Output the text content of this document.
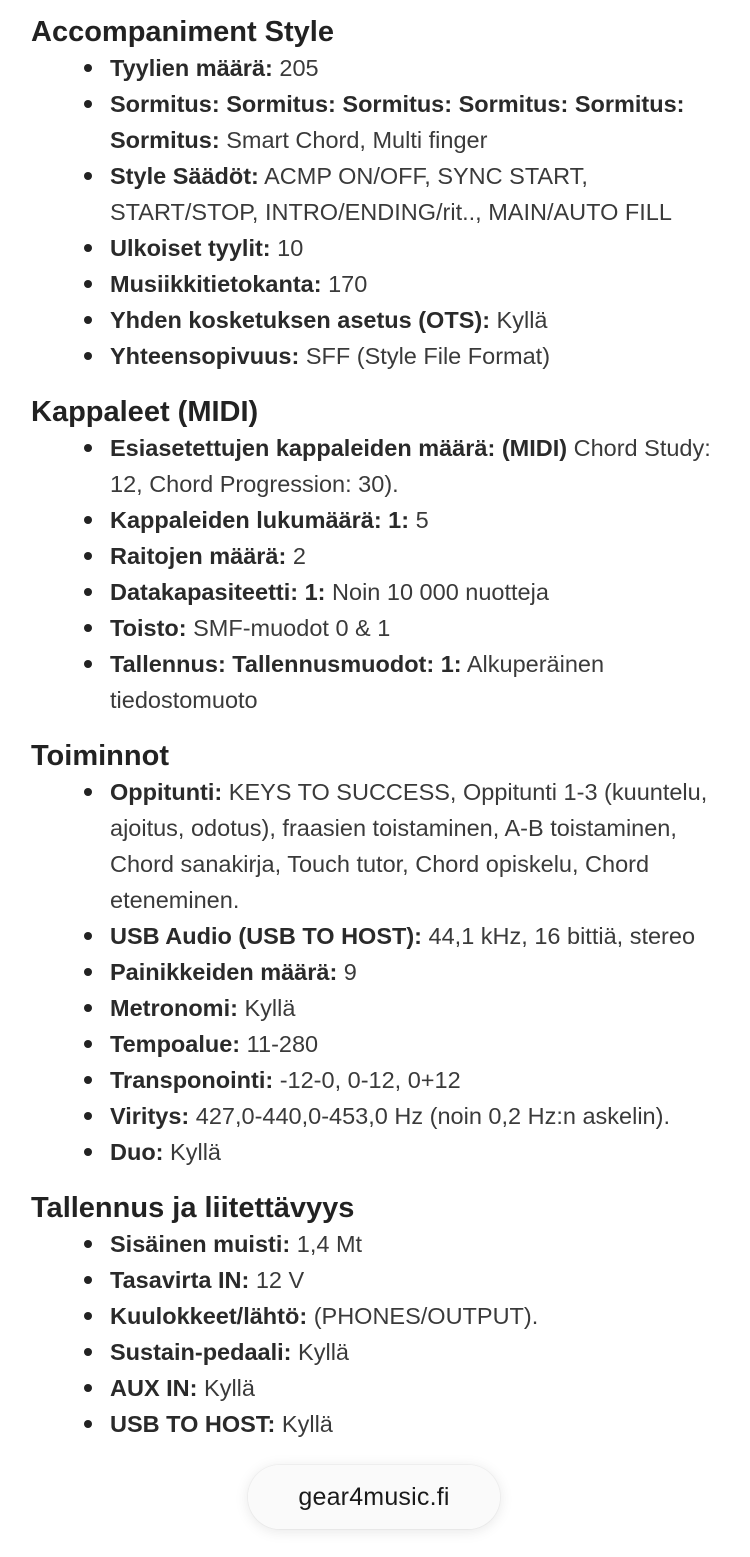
Accompaniment Style
Tyylien määrä: 205
Sormitus: Sormitus: Sormitus: Sormitus: Sormitus: Sormitus: Smart Chord, Multi finger
Style Säädöt: ACMP ON/OFF, SYNC START, START/STOP, INTRO/ENDING/rit.., MAIN/AUTO FILL
Ulkoiset tyylit: 10
Musiikkitietokanta: 170
Yhden kosketuksen asetus (OTS): Kyllä
Yhteensopivuus: SFF (Style File Format)
Kappaleet (MIDI)
Esiasetettujen kappaleiden määrä: (MIDI) Chord Study: 12, Chord Progression: 30).
Kappaleiden lukumäärä: 1: 5
Raitojen määrä: 2
Datakapasiteetti: 1: Noin 10 000 nuotteja
Toisto: SMF-muodot 0 & 1
Tallennus: Tallennusmuodot: 1: Alkuperäinen tiedostomuoto
Toiminnot
Oppitunti: KEYS TO SUCCESS, Oppitunti 1-3 (kuuntelu, ajoitus, odotus), fraasien toistaminen, A-B toistaminen, Chord sanakirja, Touch tutor, Chord opiskelu, Chord eteneminen.
USB Audio (USB TO HOST): 44,1 kHz, 16 bittiä, stereo
Painikkeiden määrä: 9
Metronomi: Kyllä
Tempoalue: 11-280
Transponointi: -12-0, 0-12, 0+12
Viritys: 427,0-440,0-453,0 Hz (noin 0,2 Hz:n askelin).
Duo: Kyllä
Tallennus ja liitettävyys
Sisäinen muisti: 1,4 Mt
Tasavirta IN: 12 V
Kuulokkeet/lähtö: (PHONES/OUTPUT).
Sustain-pedaali: Kyllä
AUX IN: Kyllä
USB TO HOST: Kyllä
gear4music.fi
